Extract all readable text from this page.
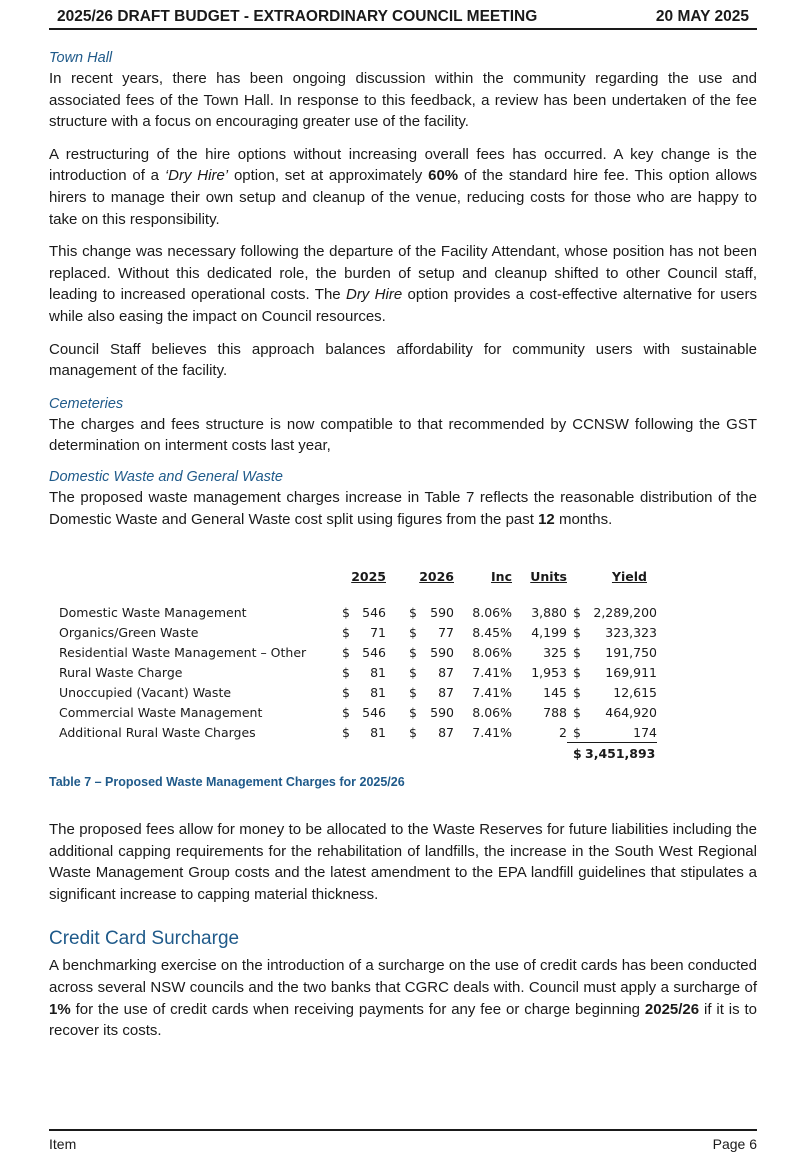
2025/26 DRAFT BUDGET - EXTRAORDINARY COUNCIL MEETING	20 MAY 2025
Town Hall

In recent years, there has been ongoing discussion within the community regarding the use and associated fees of the Town Hall. In response to this feedback, a review has been undertaken of the fee structure with a focus on encouraging greater use of the facility.

A restructuring of the hire options without increasing overall fees has occurred. A key change is the introduction of a ‘Dry Hire’ option, set at approximately 60% of the standard hire fee. This option allows hirers to manage their own setup and cleanup of the venue, reducing costs for those who are happy to take on this responsibility.

This change was necessary following the departure of the Facility Attendant, whose position has not been replaced. Without this dedicated role, the burden of setup and cleanup shifted to other Council staff, leading to increased operational costs. The Dry Hire option provides a cost-effective alternative for users while also easing the impact on Council resources.

Council Staff believes this approach balances affordability for community users with sustainable management of the facility.

Cemeteries

The charges and fees structure is now compatible to that recommended by CCNSW following the GST determination on interment costs last year,

Domestic Waste and General Waste

The proposed waste management charges increase in Table 7 reflects the reasonable distribution of the Domestic Waste and General Waste cost split using figures from the past 12 months.

	2025			2026		Inc	Units	Yield	

Domestic Waste Management	$	546		$	590	8.06%	3,880	$	2,289,200
Organics/Green Waste	$	71		$	77	8.45%	4,199	$	323,323
Residential Waste Management – Other	$	546		$	590	8.06%	325	$	191,750
Rural Waste Charge	$	81		$	87	7.41%	1,953	$	169,911
Unoccupied (Vacant) Waste	$	81		$	87	7.41%	145	$	12,615
Commercial Waste Management	$	546		$	590	8.06%	788	$	464,920
Additional Rural Waste Charges	$	81		$	87	7.41%	2	$	174
								$	3,451,893
Table 7 – Proposed Waste Management Charges for 2025/26

The proposed fees allow for money to be allocated to the Waste Reserves for future liabilities including the additional capping requirements for the rehabilitation of landfills, the increase in the South West Regional Waste Management Group costs and the latest amendment to the EPA landfill guidelines that stipulates a significant increase to capping material thickness.

Credit Card Surcharge

A benchmarking exercise on the introduction of a surcharge on the use of credit cards has been conducted across several NSW councils and the two banks that CGRC deals with. Council must apply a surcharge of 1% for the use of credit cards when receiving payments for any fee or charge beginning 2025/26 if it is to recover its costs.

Item	Page 6
